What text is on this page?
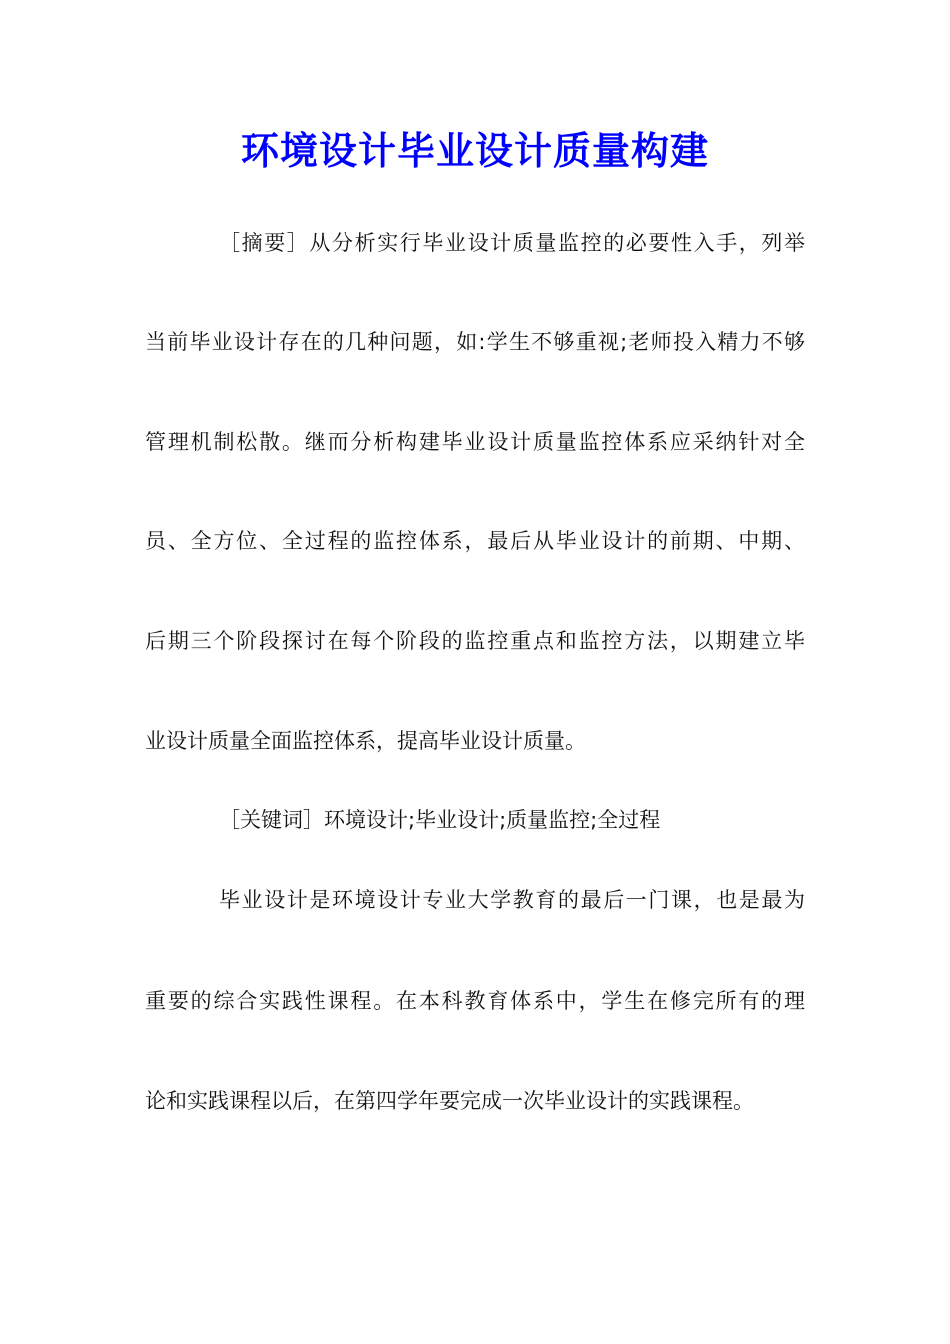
环境设计毕业设计质量构建

［摘要］从分析实行毕业设计质量监控的必要性入手，列举

当前毕业设计存在的几种问题，如:学生不够重视;老师投入精力不够

管理机制松散。继而分析构建毕业设计质量监控体系应采纳针对全

员、全方位、全过程的监控体系，最后从毕业设计的前期、中期、

后期三个阶段探讨在每个阶段的监控重点和监控方法，以期建立毕

业设计质量全面监控体系，提高毕业设计质量。

［关键词］环境设计;毕业设计;质量监控;全过程

毕业设计是环境设计专业大学教育的最后一门课，也是最为

重要的综合实践性课程。在本科教育体系中，学生在修完所有的理

论和实践课程以后，在第四学年要完成一次毕业设计的实践课程。
